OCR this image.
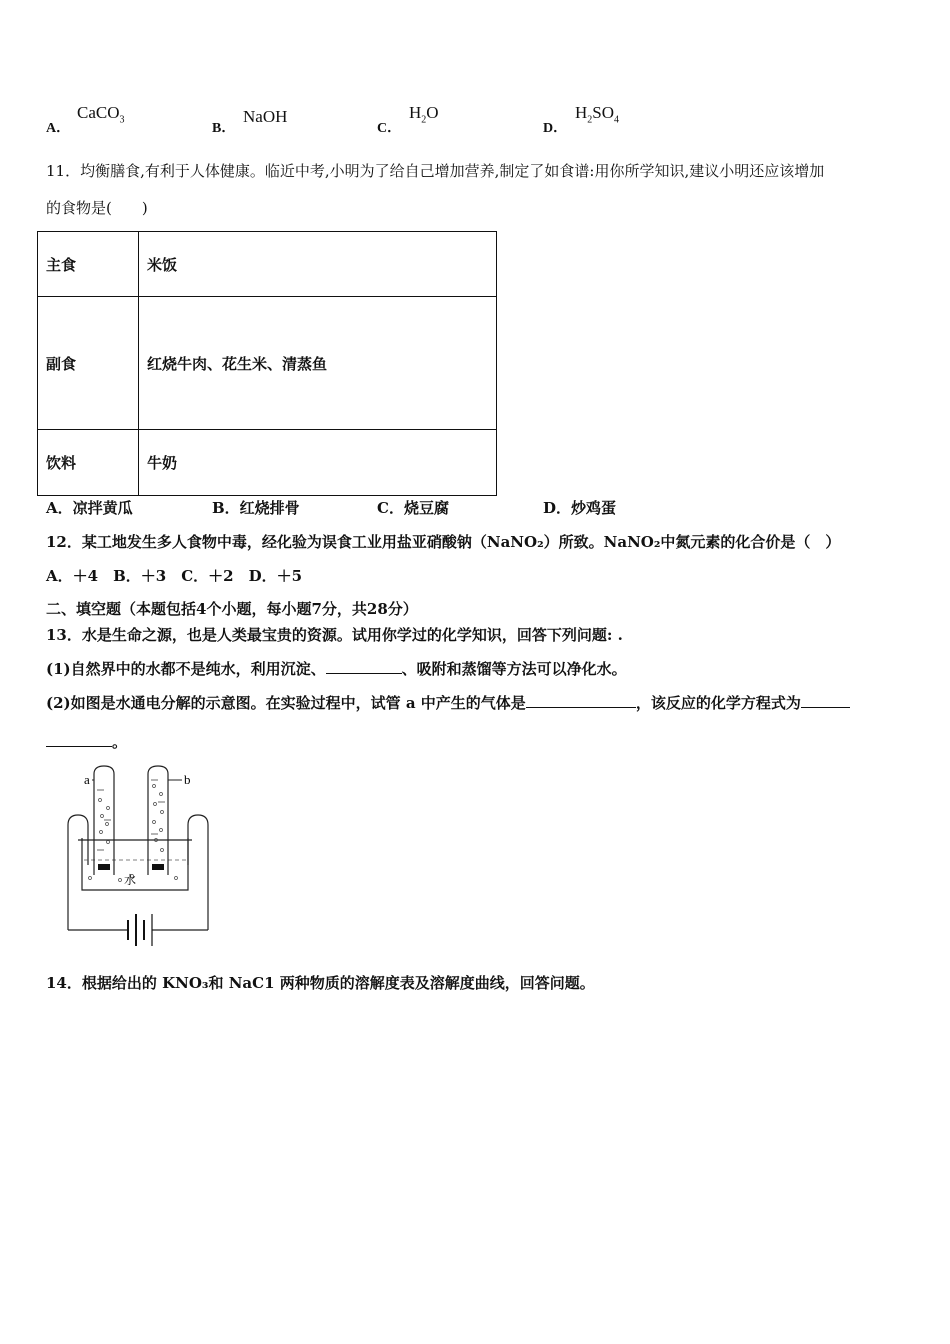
A．
CaCO$_3$
B．
NaOH
C．
$H_2O$
D．
$H_2SO_4$
11．均衡膳食,有利于人体健康。临近中考,小明为了给自己增加营养,制定了如食谱:用你所学知识,建议小明还应该增加
的食物是(　　)
主食	米饭
副食	红烧牛肉、花生米、清蒸鱼
饮料	牛奶
A．凉拌黄瓜	B．红烧排骨	C．烧豆腐	D．炒鸡蛋
12．某工地发生多人食物中毒，经化验为误食工业用盐亚硝酸钠（NaNO₂）所致。NaNO₂中氮元素的化合价是（　）
A．＋4　B．＋3　C．＋2　D．＋5
二、填空题（本题包括4个小题，每小题7分，共28分）
13．水是生命之源，也是人类最宝贵的资源。试用你学过的化学知识，回答下列问题: .
(1)自然界中的水都不是纯水，利用沉淀、	、吸附和蒸馏等方法可以净化水。
(2)如图是水通电分解的示意图。在实验过程中，试管 a 中产生的气体是	，该反应的化学方程式为
。
a	b
水
14．根据给出的 KNO₃和 NaC1 两种物质的溶解度表及溶解度曲线，回答问题。
